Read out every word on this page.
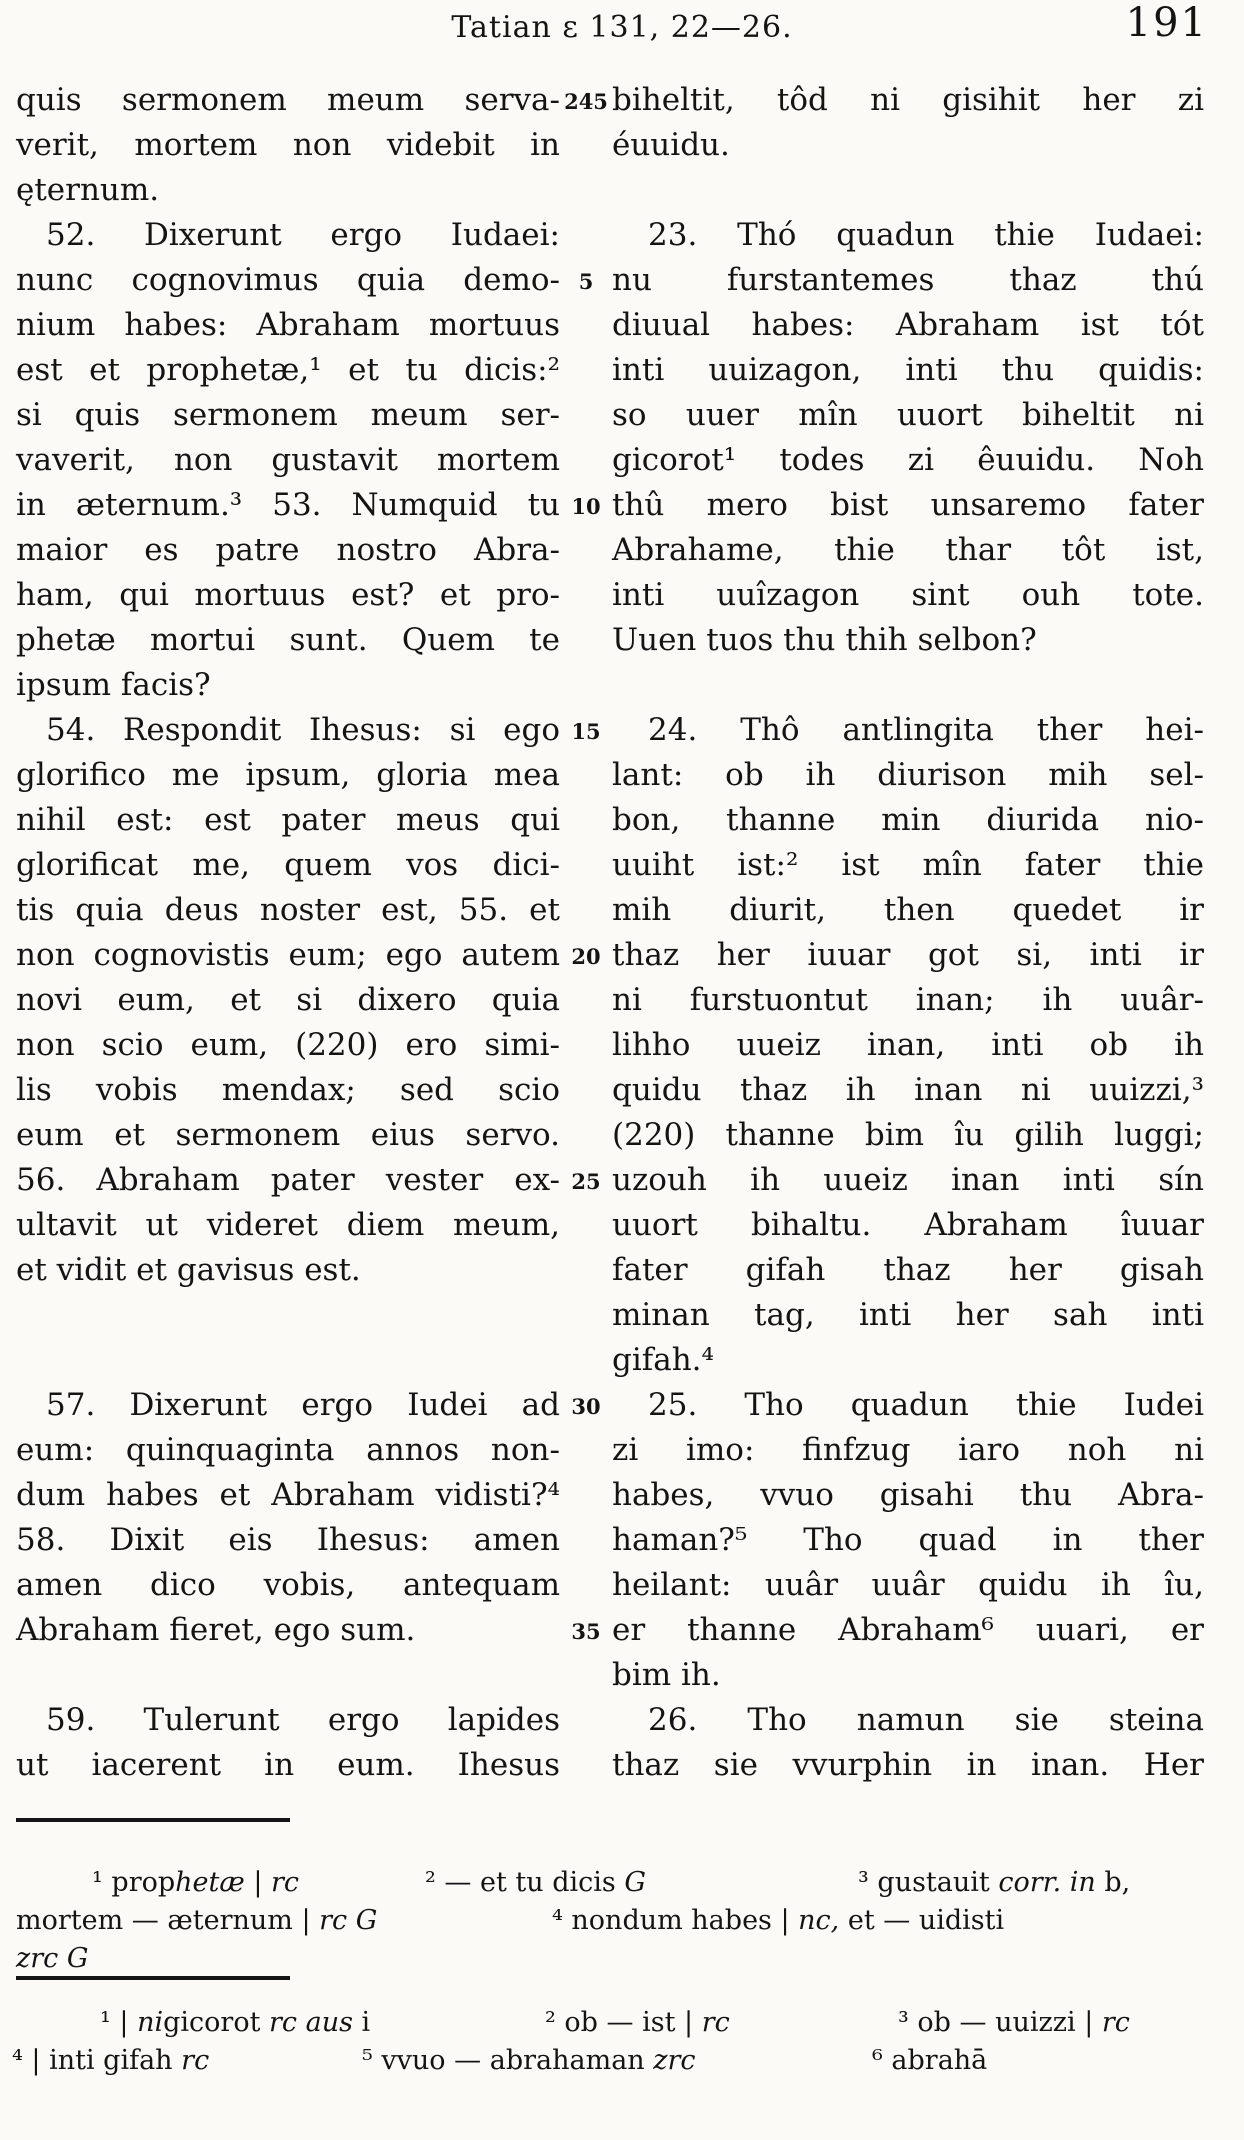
Tatian ε 131, 22—26.	191
quis sermonem meum serva- 245 biheltit, tôd ni gisihit her zi
verit, mortem non videbit in éuuidu.
ęternum.
52. Dixerunt ergo Iudaei:	23. Thó quadun thie Iudaei:
nunc cognovimus quia demo- 5 nu furstantemes thaz thú
nium habes: Abraham mortuus diuual habes: Abraham ist tót
est et prophetæ,¹ et tu dicis:² inti uuizagon, inti thu quidis:
si quis sermonem meum ser- so uuer mîn uuort biheltit ni
vaverit, non gustavit mortem gicorot¹ todes zi êuuidu. Noh
in æternum.³ 53. Numquid tu 10 thû mero bist unsaremo fater
maior es patre nostro Abra- Abrahame, thie thar tôt ist,
ham, qui mortuus est? et pro- inti uuîzagon sint ouh tote.
phetæ mortui sunt. Quem te Uuen tuos thu thih selbon?
ipsum facis?
54. Respondit Ihesus: si ego 15	24. Thô antlingita ther hei-
glorifico me ipsum, gloria mea lant: ob ih diurison mih sel-
nihil est: est pater meus qui bon, thanne min diurida nio-
glorificat me, quem vos dici- uuiht ist:² ist mîn fater thie
tis quia deus noster est, 55. et mih diurit, then quedet ir
non cognovistis eum; ego autem 20 thaz her iuuar got si, inti ir
novi eum, et si dixero quia ni furstuontut inan; ih uuâr-
non scio eum, (220) ero simi- lihho uueiz inan, inti ob ih
lis vobis mendax; sed scio quidu thaz ih inan ni uuizzi,³
eum et sermonem eius servo. (220) thanne bim îu gilih luggi;
56. Abraham pater vester ex- 25 uzouh ih uueiz inan inti sín
ultavit ut videret diem meum, uuort bihaltu. Abraham îuuar
et vidit et gavisus est.	fater gifah thaz her gisah
minan tag, inti her sah inti
gifah.⁴
57. Dixerunt ergo Iudei ad 30	25. Tho quadun thie Iudei
eum: quinquaginta annos non- zi imo: finfzug iaro noh ni
dum habes et Abraham vidisti?⁴ habes, vvuo gisahi thu Abra-
58. Dixit eis Ihesus: amen haman?⁵ Tho quad in ther
amen dico vobis, antequam heilant: uuâr uuâr quidu ih îu,
Abraham fieret, ego sum.	35 er thanne Abraham⁶ uuari, er
bim ih.
59. Tulerunt ergo lapides	26. Tho namun sie steina
ut iacerent in eum. Ihesus thaz sie vvurphin in inan. Her
¹ prophetæ | rc	² — et tu dicis G	³ gustauit corr. in b,
mortem — æternum | rc G	⁴ nondum habes | nc, et — uidisti
zrc G
¹ | nigicorot rc aus i	² ob — ist | rc	³ ob — uuizzi | rc
⁴ | inti gifah rc	⁵ vvuo — abrahaman zrc	⁶ abrahā
